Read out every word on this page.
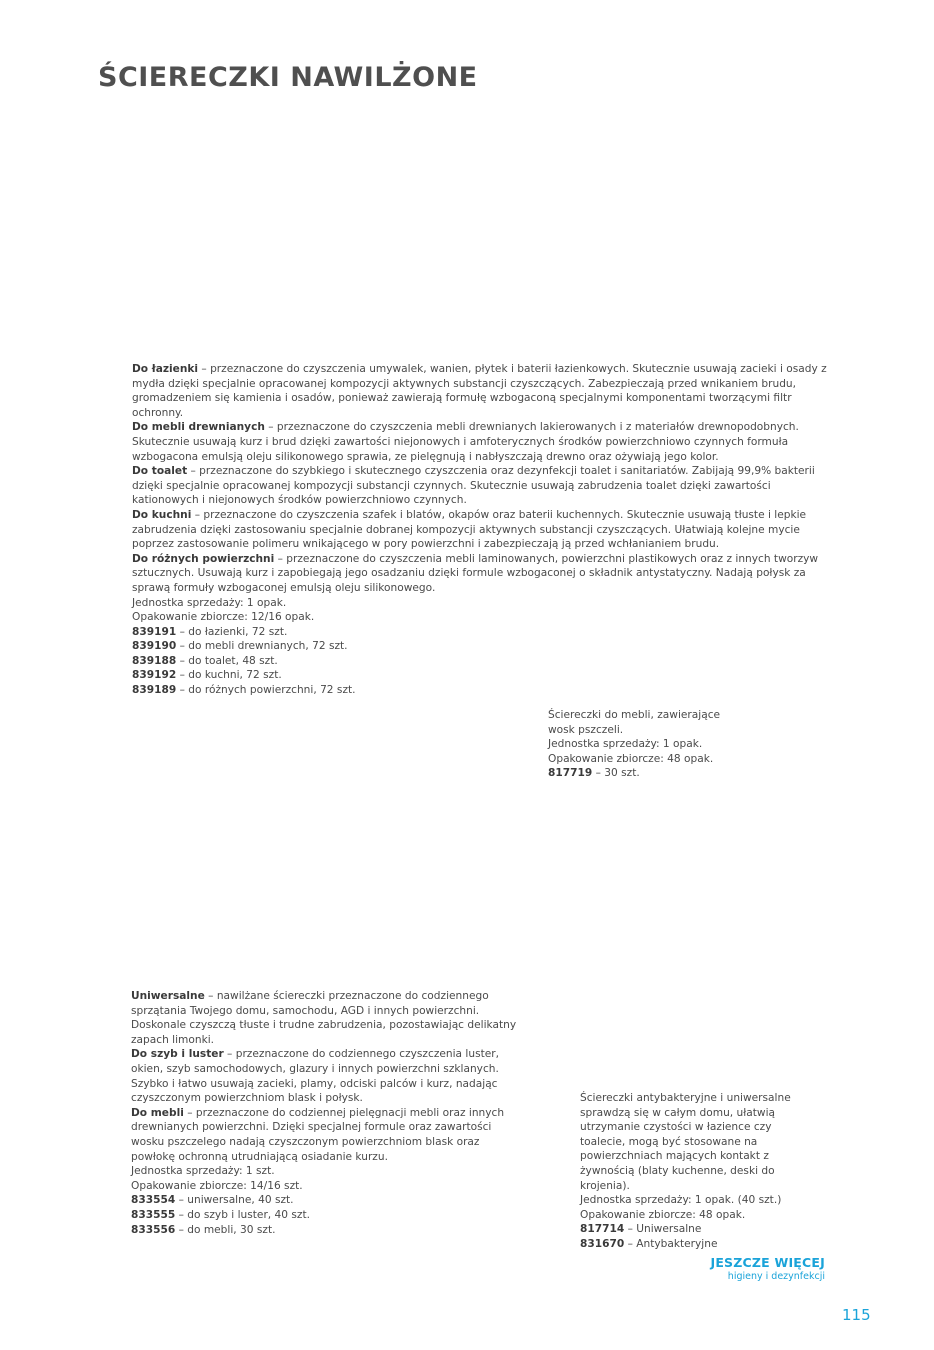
ŚCIERECZKI NAWILŻONE

Do łazienki – przeznaczone do czyszczenia umywalek, wanien, płytek i baterii łazienkowych. Skutecznie usuwają zacieki i osady z mydła dzięki specjalnie opracowanej kompozycji aktywnych substancji czyszczących. Zabezpieczają przed wnikaniem brudu, gromadzeniem się kamienia i osadów, ponieważ zawierają formułę wzbogaconą specjalnymi komponentami tworzącymi filtr ochronny.

Do mebli drewnianych – przeznaczone do czyszczenia mebli drewnianych lakierowanych i z materiałów drewnopodobnych. Skutecznie usuwają kurz i brud dzięki zawartości niejonowych i amfoterycznych środków powierzchniowo czynnych formuła wzbogacona emulsją oleju silikonowego sprawia, ze pielęgnują i nabłyszczają drewno oraz ożywiają jego kolor.

Do toalet – przeznaczone do szybkiego i skutecznego czyszczenia oraz dezynfekcji toalet i sanitariatów. Zabijają 99,9% bakterii dzięki specjalnie opracowanej kompozycji substancji czynnych. Skutecznie usuwają zabrudzenia toalet dzięki zawartości kationowych i niejonowych środków powierzchniowo czynnych.

Do kuchni – przeznaczone do czyszczenia szafek i blatów, okapów oraz baterii kuchennych. Skutecznie usuwają tłuste i lepkie zabrudzenia dzięki zastosowaniu specjalnie dobranej kompozycji aktywnych substancji czyszczących. Ułatwiają kolejne mycie poprzez zastosowanie polimeru wnikającego w pory powierzchni i zabezpieczają ją przed wchłanianiem brudu.

Do różnych powierzchni – przeznaczone do czyszczenia mebli laminowanych, powierzchni plastikowych oraz z innych tworzyw sztucznych. Usuwają kurz i zapobiegają jego osadzaniu dzięki formule wzbogaconej o składnik antystatyczny. Nadają połysk za sprawą formuły wzbogaconej emulsją oleju silikonowego.

Jednostka sprzedaży: 1 opak.

Opakowanie zbiorcze: 12/16 opak.

839191 – do łazienki, 72 szt.

839190 – do mebli drewnianych, 72 szt.

839188 – do toalet, 48 szt.

839192 – do kuchni, 72 szt.

839189 – do różnych powierzchni, 72 szt.

Ściereczki do mebli, zawierające wosk pszczeli.

Jednostka sprzedaży: 1 opak.

Opakowanie zbiorcze: 48 opak.

817719 – 30 szt.

Uniwersalne – nawilżane ściereczki przeznaczone do codziennego sprzątania Twojego domu, samochodu, AGD i innych powierzchni. Doskonale czyszczą tłuste i trudne zabrudzenia, pozostawiając delikatny zapach limonki.

Do szyb i luster – przeznaczone do codziennego czyszczenia luster, okien, szyb samochodowych, glazury i innych powierzchni szklanych. Szybko i łatwo usuwają zacieki, plamy, odciski palców i kurz, nadając czyszczonym powierzchniom blask i połysk.

Do mebli – przeznaczone do codziennej pielęgnacji mebli oraz innych drewnianych powierzchni. Dzięki specjalnej formule oraz zawartości wosku pszczelego nadają czyszczonym powierzchniom blask oraz powłokę ochronną utrudniającą osiadanie kurzu.

Jednostka sprzedaży: 1 szt.

Opakowanie zbiorcze: 14/16 szt.

833554 – uniwersalne, 40 szt.

833555 – do szyb i luster, 40 szt.

833556 – do mebli, 30 szt.

Ściereczki antybakteryjne i uniwersalne sprawdzą się w całym domu, ułatwią utrzymanie czystości w łazience czy toalecie, mogą być stosowane na powierzchniach mających kontakt z żywnością (blaty kuchenne, deski do krojenia).

Jednostka sprzedaży: 1 opak. (40 szt.)

Opakowanie zbiorcze: 48 opak.

817714 – Uniwersalne

831670 – Antybakteryjne

JESZCZE WIĘCEJ
higieny i dezynfekcji
115
